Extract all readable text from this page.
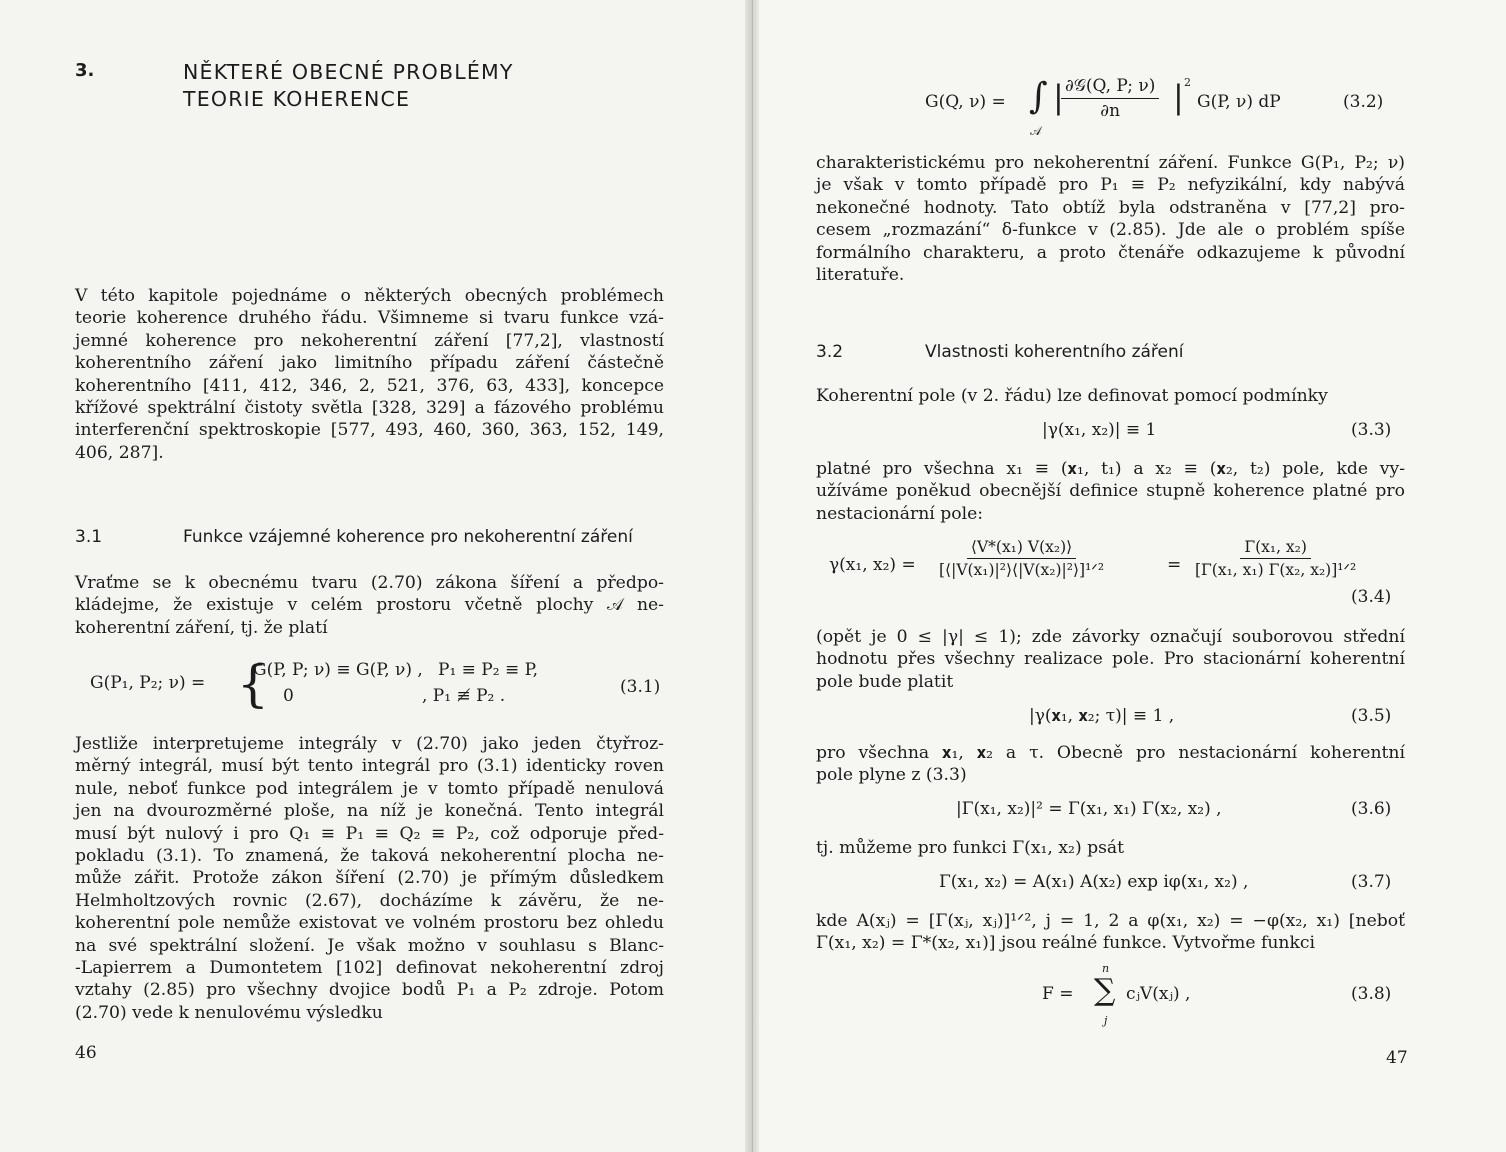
3.	NĚKTERÉ OBECNÉ PROBLÉMY
TEORIE KOHERENCE
V této kapitole pojednáme o některých obecných problémech
teorie koherence druhého řádu. Všimneme si tvaru funkce vzá-
jemné koherence pro nekoherentní záření [77,2], vlastností
koherentního záření jako limitního případu záření částečně
koherentního [411, 412, 346, 2, 521, 376, 63, 433], koncepce
křížové spektrální čistoty světla [328, 329] a fázového problému
interferenční spektroskopie [577, 493, 460, 360, 363, 152, 149,
406, 287].
3.1	Funkce vzájemné koherence pro nekoherentní záření
Vraťme se k obecnému tvaru (2.70) zákona šíření a předpo-
kládejme, že existuje v celém prostoru včetně plochy 𝒜 ne-
koherentní záření, tj. že platí
G(P₁, P₂; ν) = {
G(P, P; ν) ≡ G(P, ν) , P₁ ≡ P₂ ≡ P,
0	, P₁ ≢ P₂ .	(3.1)
Jestliže interpretujeme integrály v (2.70) jako jeden čtyřroz-
měrný integrál, musí být tento integrál pro (3.1) identicky roven
nule, neboť funkce pod integrálem je v tomto případě nenulová
jen na dvourozměrné ploše, na níž je konečná. Tento integrál
musí být nulový i pro Q₁ ≡ P₁ ≡ Q₂ ≡ P₂, což odporuje před-
pokladu (3.1). To znamená, že taková nekoherentní plocha ne-
může zářit. Protože zákon šíření (2.70) je přímým důsledkem
Helmholtzových rovnic (2.67), docházíme k závěru, že ne-
koherentní pole nemůže existovat ve volném prostoru bez ohledu
na své spektrální složení. Je však možno v souhlasu s Blanc-
-Lapierrem a Dumontetem [102] definovat nekoherentní zdroj
vztahy (2.85) pro všechny dvojice bodů P₁ a P₂ zdroje. Potom
(2.70) vede k nenulovému výsledku
46
G(Q, ν) = ∫
𝒜
| ∂𝒢(Q, P; ν)
∂n | 2
G(P, ν) dP	(3.2)
charakteristickému pro nekoherentní záření. Funkce G(P₁, P₂; ν)
je však v tomto případě pro P₁ ≡ P₂ nefyzikální, kdy nabývá
nekonečné hodnoty. Tato obtíž byla odstraněna v [77,2] pro-
cesem „rozmazání“ δ-funkce v (2.85). Jde ale o problém spíše
formálního charakteru, a proto čtenáře odkazujeme k původní
literatuře.
3.2	Vlastnosti koherentního záření
Koherentní pole (v 2. řádu) lze definovat pomocí podmínky
|γ(x₁, x₂)| ≡ 1	(3.3)
platné pro všechna x₁ ≡ (𝐱₁, t₁) a x₂ ≡ (𝐱₂, t₂) pole, kde vy-
užíváme poněkud obecnější definice stupně koherence platné pro
nestacionární pole:
γ(x₁, x₂) =
⟨V*(x₁) V(x₂)⟩
[⟨|V(x₁)|²⟩⟨|V(x₂)|²⟩]¹ᐟ²	=
Γ(x₁, x₂)
[Γ(x₁, x₁) Γ(x₂, x₂)]¹ᐟ²
(3.4)
(opět je 0 ≤ |γ| ≤ 1); zde závorky označují souborovou střední
hodnotu přes všechny realizace pole. Pro stacionární koherentní
pole bude platit
|γ(𝐱₁, 𝐱₂; τ)| ≡ 1 ,	(3.5)
pro všechna 𝐱₁, 𝐱₂ a τ. Obecně pro nestacionární koherentní
pole plyne z (3.3)
|Γ(x₁, x₂)|² = Γ(x₁, x₁) Γ(x₂, x₂) ,	(3.6)
tj. můžeme pro funkci Γ(x₁, x₂) psát
Γ(x₁, x₂) = A(x₁) A(x₂) exp iφ(x₁, x₂) ,	(3.7)
kde A(xⱼ) = [Γ(xⱼ, xⱼ)]¹ᐟ², j = 1, 2 a φ(x₁, x₂) = −φ(x₂, x₁) [neboť
Γ(x₁, x₂) = Γ*(x₂, x₁)] jsou reálné funkce. Vytvořme funkci
F =
n
∑
j
cⱼV(xⱼ) ,	(3.8)
47
